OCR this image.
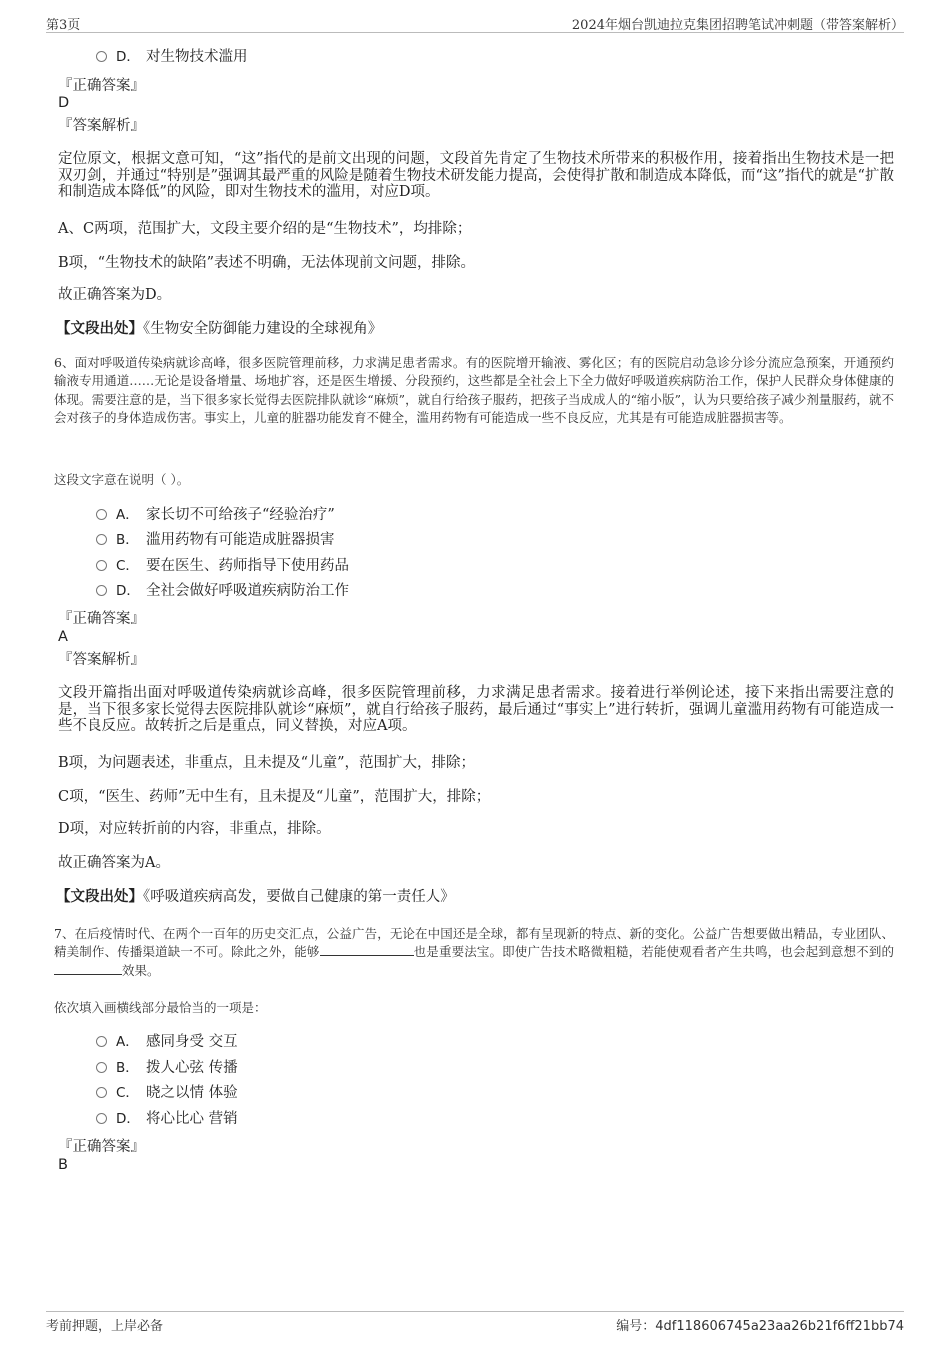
第3页	2024年烟台凯迪拉克集团招聘笔试冲刺题（带答案解析）
D． 对生物技术滥用
『正确答案』
D
『答案解析』
定位原文，根据文意可知，“这”指代的是前文出现的问题，文段首先肯定了生物技术所带来的积极作用，接着指出生物技术是一把双刃剑，并通过“特别是”强调其最严重的风险是随着生物技术研发能力提高，会使得扩散和制造成本降低，而“这”指代的就是“扩散和制造成本降低”的风险，即对生物技术的滥用，对应D项。
A、C两项，范围扩大，文段主要介绍的是“生物技术”，均排除；
B项，“生物技术的缺陷”表述不明确，无法体现前文问题，排除。
故正确答案为D。
【文段出处】《生物安全防御能力建设的全球视角》
6、面对呼吸道传染病就诊高峰，很多医院管理前移，力求满足患者需求。有的医院增开输液、雾化区；有的医院启动急诊分诊分流应急预案，开通预约输液专用通道……无论是设备增量、场地扩容，还是医生增援、分段预约，这些都是全社会上下全力做好呼吸道疾病防治工作，保护人民群众身体健康的体现。需要注意的是，当下很多家长觉得去医院排队就诊“麻烦”，就自行给孩子服药，把孩子当成成人的“缩小版”，认为只要给孩子减少剂量服药，就不会对孩子的身体造成伤害。事实上，儿童的脏器功能发育不健全，滥用药物有可能造成一些不良反应，尤其是有可能造成脏器损害等。
这段文字意在说明（ ）。
A． 家长切不可给孩子“经验治疗”
B． 滥用药物有可能造成脏器损害
C． 要在医生、药师指导下使用药品
D． 全社会做好呼吸道疾病防治工作
『正确答案』
A
『答案解析』
文段开篇指出面对呼吸道传染病就诊高峰，很多医院管理前移，力求满足患者需求。接着进行举例论述，接下来指出需要注意的是，当下很多家长觉得去医院排队就诊“麻烦”，就自行给孩子服药，最后通过“事实上”进行转折，强调儿童滥用药物有可能造成一些不良反应。故转折之后是重点，同义替换，对应A项。
B项，为问题表述，非重点，且未提及“儿童”，范围扩大，排除；
C项，“医生、药师”无中生有，且未提及“儿童”，范围扩大，排除；
D项，对应转折前的内容，非重点，排除。
故正确答案为A。
【文段出处】《呼吸道疾病高发，要做自己健康的第一责任人》
7、在后疫情时代、在两个一百年的历史交汇点，公益广告，无论在中国还是全球，都有呈现新的特点、新的变化。公益广告想要做出精品，专业团队、精美制作、传播渠道缺一不可。除此之外，能够	也是重要法宝。即使广告技术略微粗糙，若能使观看者产生共鸣，也会起到意想不到的效果。
依次填入画横线部分最恰当的一项是：
A． 感同身受 交互
B． 拨人心弦 传播
C． 晓之以情 体验
D． 将心比心 营销
『正确答案』
B
考前押题，上岸必备	编号：4df118606745a23aa26b21f6ff21bb74
